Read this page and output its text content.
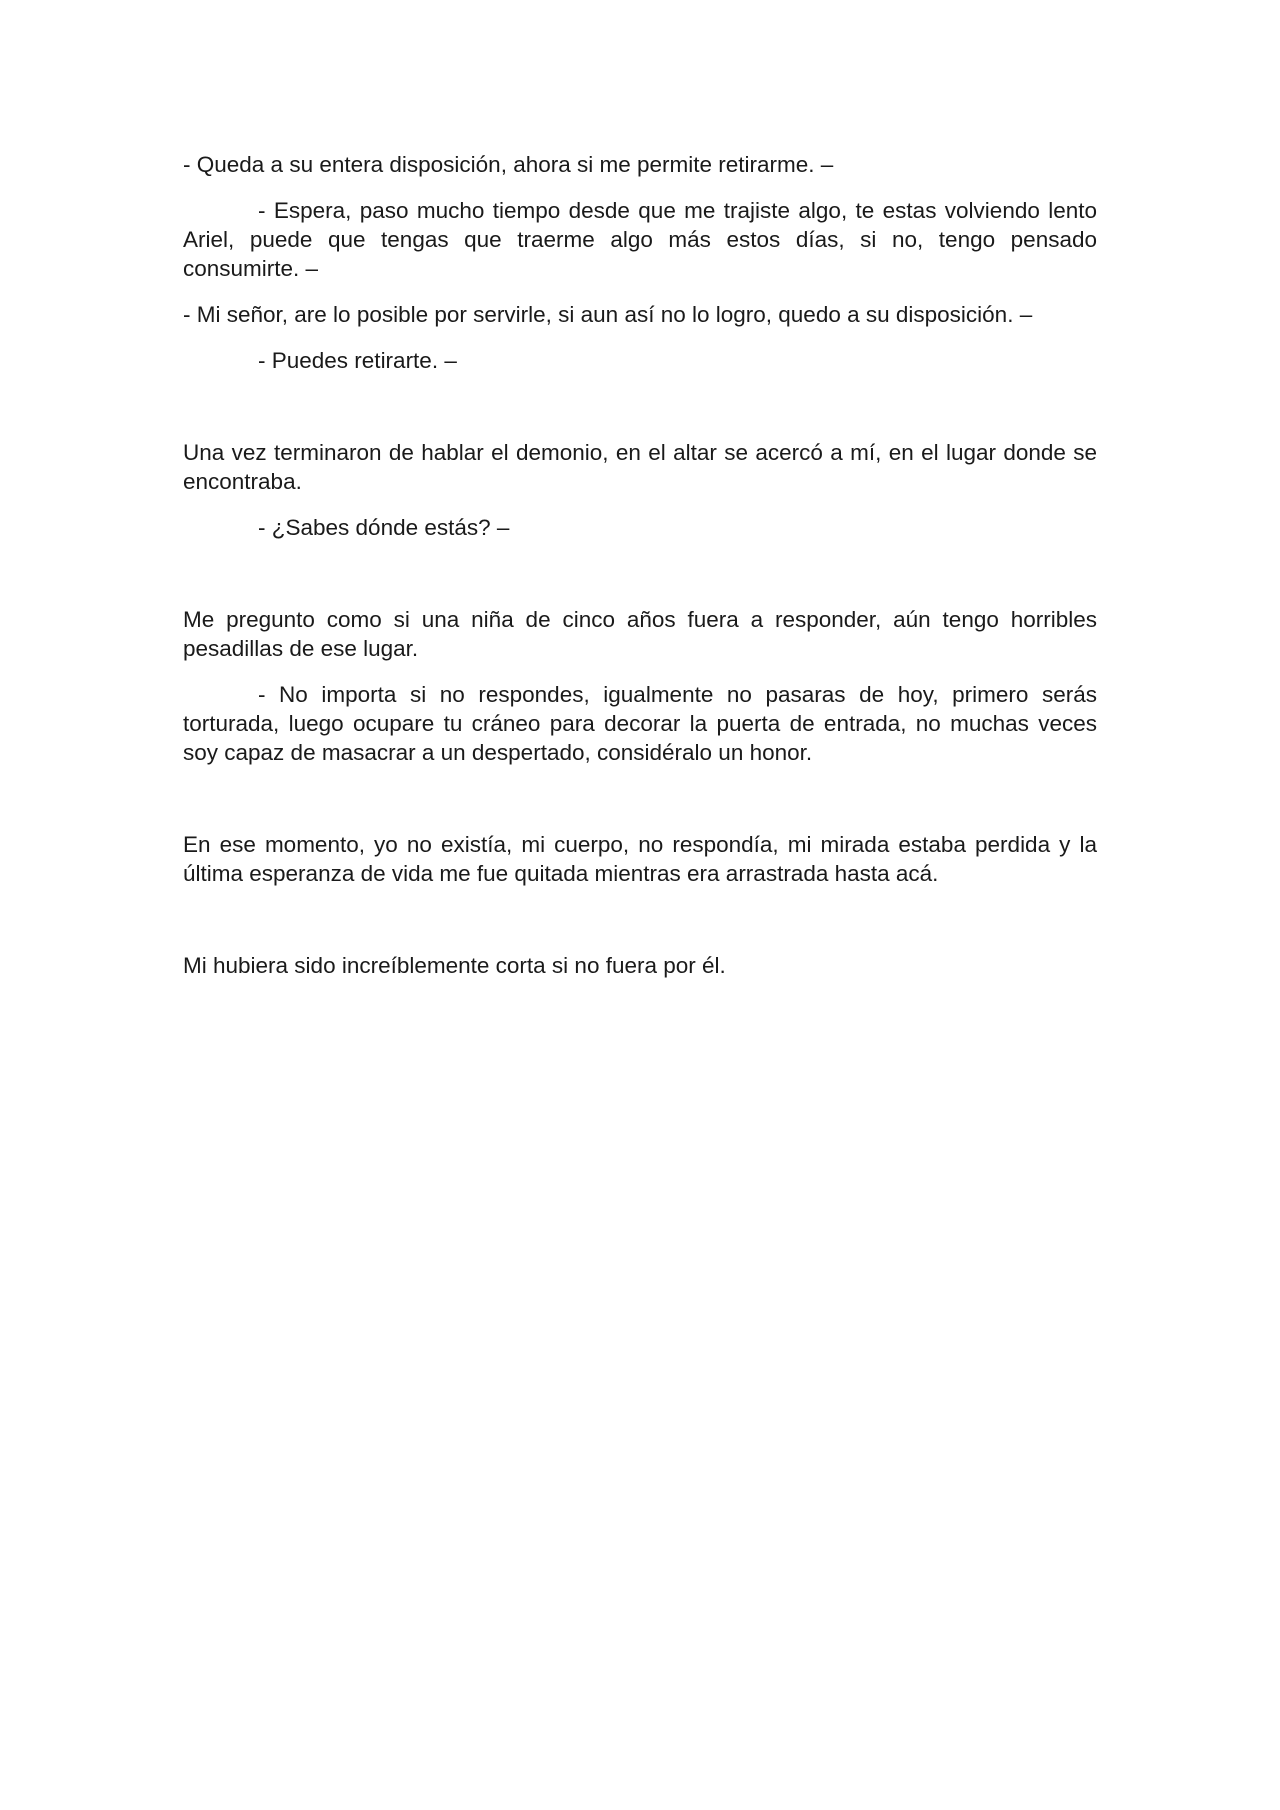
- Queda a su entera disposición, ahora si me permite retirarme. –

- Espera, paso mucho tiempo desde que me trajiste algo, te estas volviendo lento Ariel, puede que tengas que traerme algo más estos días, si no, tengo pensado consumirte. –

- Mi señor, are lo posible por servirle, si aun así no lo logro, quedo a su disposición. –

- Puedes retirarte. –

Una vez terminaron de hablar el demonio, en el altar se acercó a mí, en el lugar donde se encontraba.

- ¿Sabes dónde estás? –

Me pregunto como si una niña de cinco años fuera a responder, aún tengo horribles pesadillas de ese lugar.

- No importa si no respondes, igualmente no pasaras de hoy, primero serás torturada, luego ocupare tu cráneo para decorar la puerta de entrada, no muchas veces soy capaz de masacrar a un despertado, considéralo un honor.

En ese momento, yo no existía, mi cuerpo, no respondía, mi mirada estaba perdida y la última esperanza de vida me fue quitada mientras era arrastrada hasta acá.

Mi hubiera sido increíblemente corta si no fuera por él.
